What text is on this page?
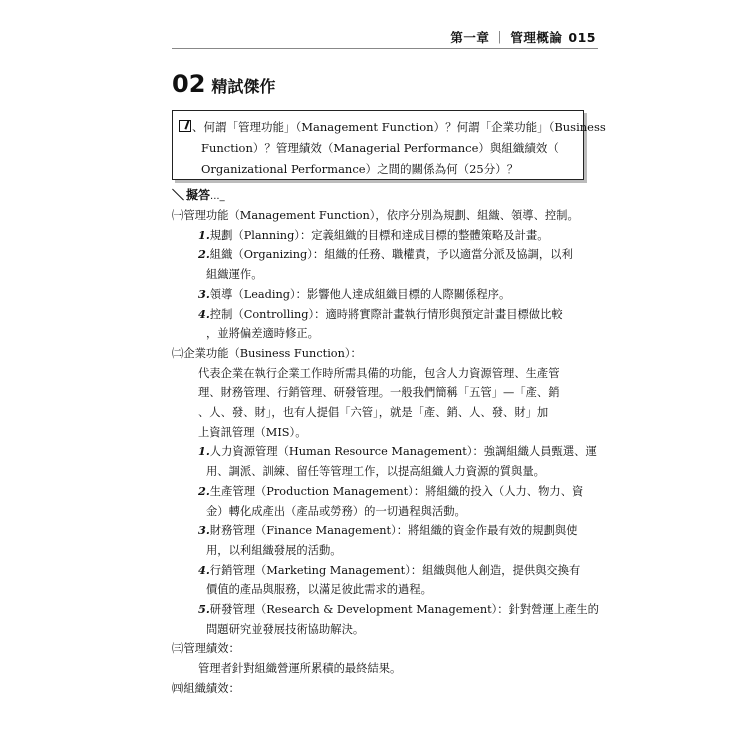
第一章 ｜ 管理概論 015
02 精試傑作
、何謂「管理功能」（Management Function）？何謂「企業功能」（Business
Function）？管理績效（Managerial Performance）與組織績效（
Organizational Performance）之間的關係為何（25分）？
＼ 擬答..._
㈠管理功能（Management Function），依序分別為規劃、組織、領導、控制。
1.規劃（Planning）：定義組織的目標和達成目標的整體策略及計畫。
2.組織（Organizing）：組織的任務、職權責，予以適當分派及協調，以利
組織運作。
3.領導（Leading）：影響他人達成組織目標的人際關係程序。
4.控制（Controlling）：適時將實際計畫執行情形與預定計畫目標做比較
，並將偏差適時修正。
㈡企業功能（Business Function）：
代表企業在執行企業工作時所需具備的功能，包含人力資源管理、生產管
理、財務管理、行銷管理、研發管理。一般我們簡稱「五管」—「產、銷
、人、發、財」，也有人提倡「六管」，就是「產、銷、人、發、財」加
上資訊管理（MIS）。
1.人力資源管理（Human Resource Management）：強調組織人員甄選、運
用、調派、訓練、留任等管理工作，以提高組織人力資源的質與量。
2.生產管理（Production Management）：將組織的投入（人力、物力、資
金）轉化成產出（產品或勞務）的一切過程與活動。
3.財務管理（Finance Management）：將組織的資金作最有效的規劃與使
用，以利組織發展的活動。
4.行銷管理（Marketing Management）：組織與他人創造，提供與交換有
價值的產品與服務，以滿足彼此需求的過程。
5.研發管理（Research & Development Management）：針對營運上產生的
問題研究並發展技術協助解決。
㈢管理績效：
管理者針對組織營運所累積的最終結果。
㈣組織績效：
